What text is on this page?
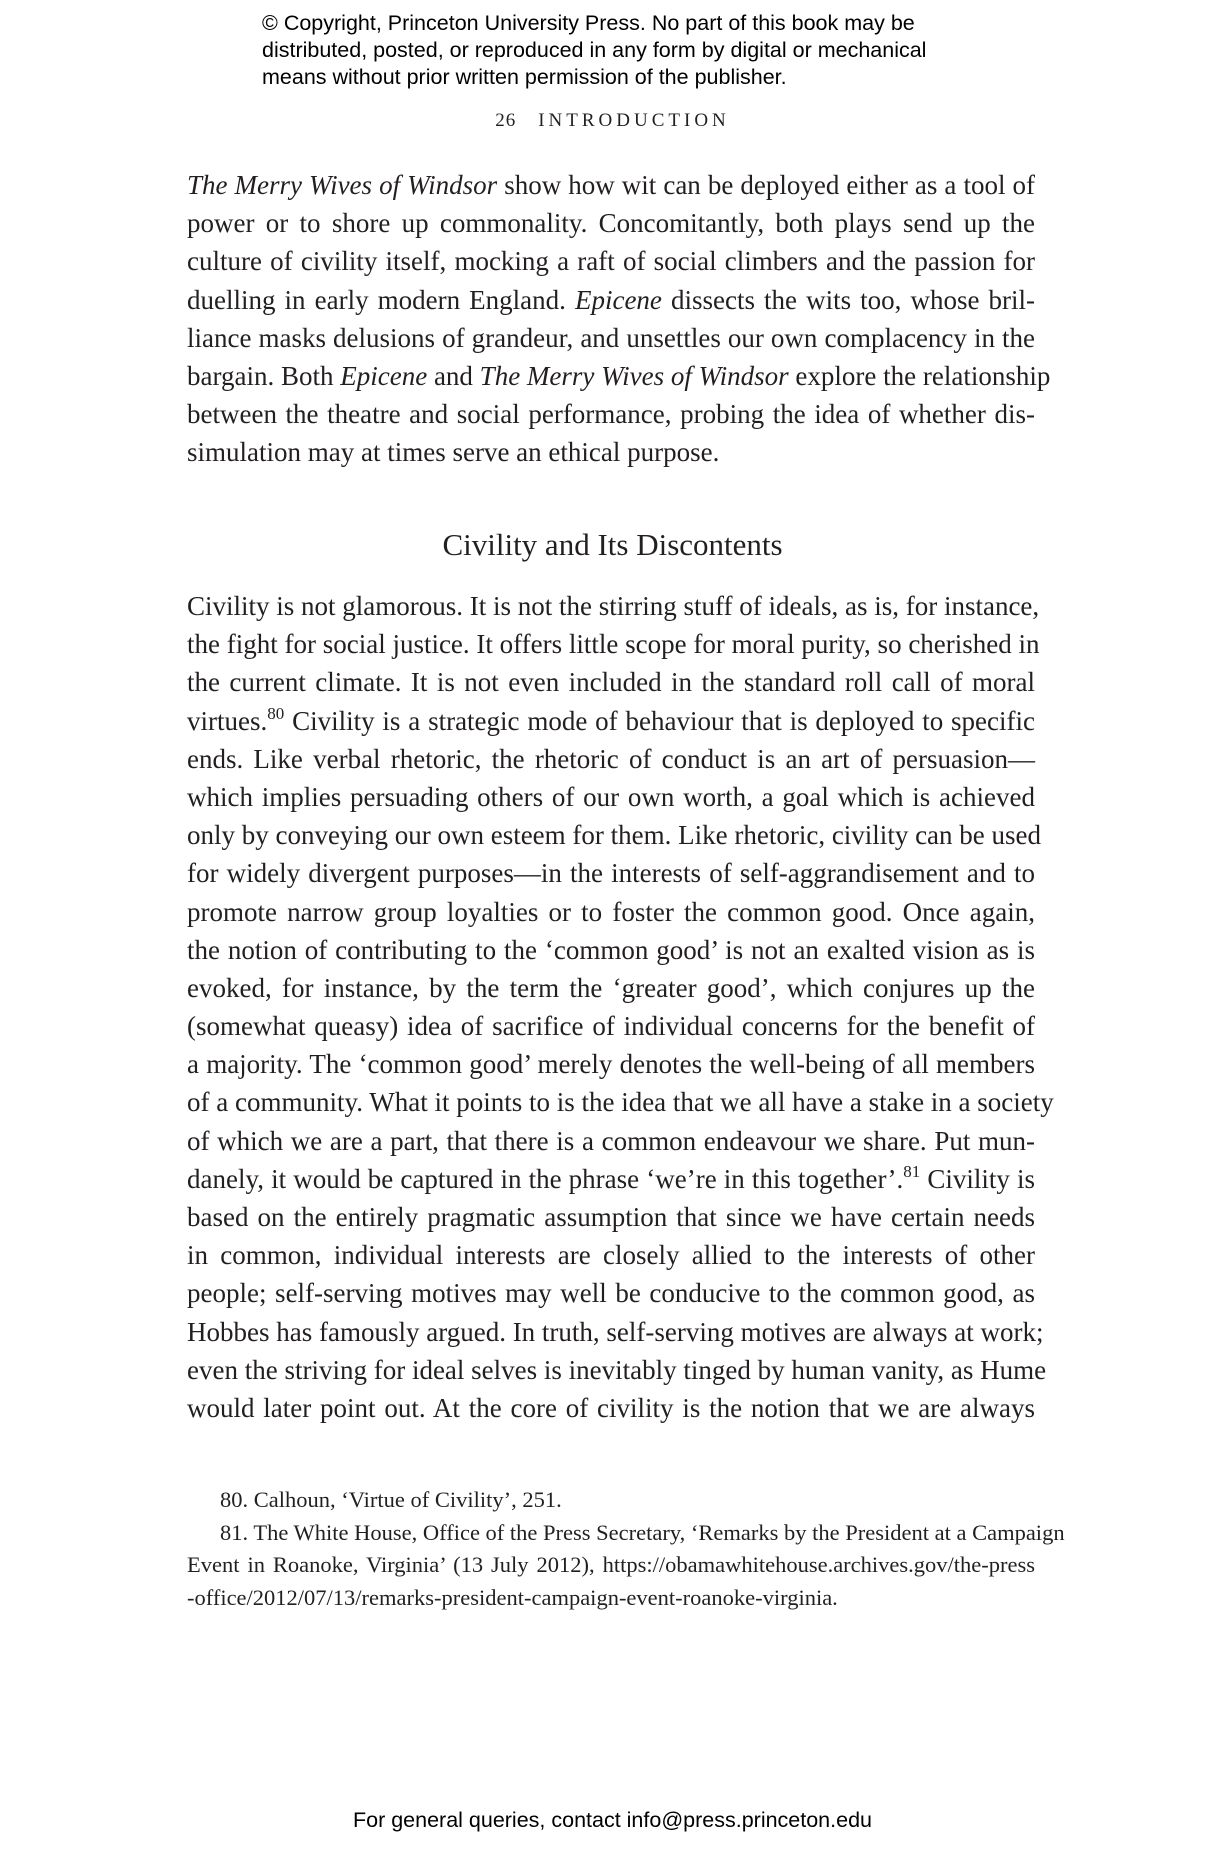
© Copyright, Princeton University Press. No part of this book may be
distributed, posted, or reproduced in any form by digital or mechanical
means without prior written permission of the publisher.
26 INTRODUCTION
The Merry Wives of Windsor show how wit can be deployed either as a tool of
power or to shore up commonality. Concomitantly, both plays send up the
culture of civility itself, mocking a raft of social climbers and the passion for
duelling in early modern England. Epicene dissects the wits too, whose bril-
liance masks delusions of grandeur, and unsettles our own complacency in the
bargain. Both Epicene and The Merry Wives of Windsor explore the relationship
between the theatre and social performance, probing the idea of whether dis-
simulation may at times serve an ethical purpose.
Civility and Its Discontents
Civility is not glamorous. It is not the stirring stuff of ideals, as is, for instance,
the fight for social justice. It offers little scope for moral purity, so cherished in
the current climate. It is not even included in the standard roll call of moral
virtues.$^{80}$ Civility is a strategic mode of behaviour that is deployed to specific
ends. Like verbal rhetoric, the rhetoric of conduct is an art of persuasion—
which implies persuading others of our own worth, a goal which is achieved
only by conveying our own esteem for them. Like rhetoric, civility can be used
for widely divergent purposes—in the interests of self-aggrandisement and to
promote narrow group loyalties or to foster the common good. Once again,
the notion of contributing to the ‘common good’ is not an exalted vision as is
evoked, for instance, by the term the ‘greater good’, which conjures up the
(somewhat queasy) idea of sacrifice of individual concerns for the benefit of
a majority. The ‘common good’ merely denotes the well-being of all members
of a community. What it points to is the idea that we all have a stake in a society
of which we are a part, that there is a common endeavour we share. Put mun-
danely, it would be captured in the phrase ‘we’re in this together’.$^{81}$ Civility is
based on the entirely pragmatic assumption that since we have certain needs
in common, individual interests are closely allied to the interests of other
people; self-serving motives may well be conducive to the common good, as
Hobbes has famously argued. In truth, self-serving motives are always at work;
even the striving for ideal selves is inevitably tinged by human vanity, as Hume
would later point out. At the core of civility is the notion that we are always
80. Calhoun, ‘Virtue of Civility’, 251.
81. The White House, Office of the Press Secretary, ‘Remarks by the President at a Campaign
Event in Roanoke, Virginia’ (13 July 2012), https://obamawhitehouse.archives.gov/the-press
-office/2012/07/13/remarks-president-campaign-event-roanoke-virginia.
For general queries, contact info@press.princeton.edu
